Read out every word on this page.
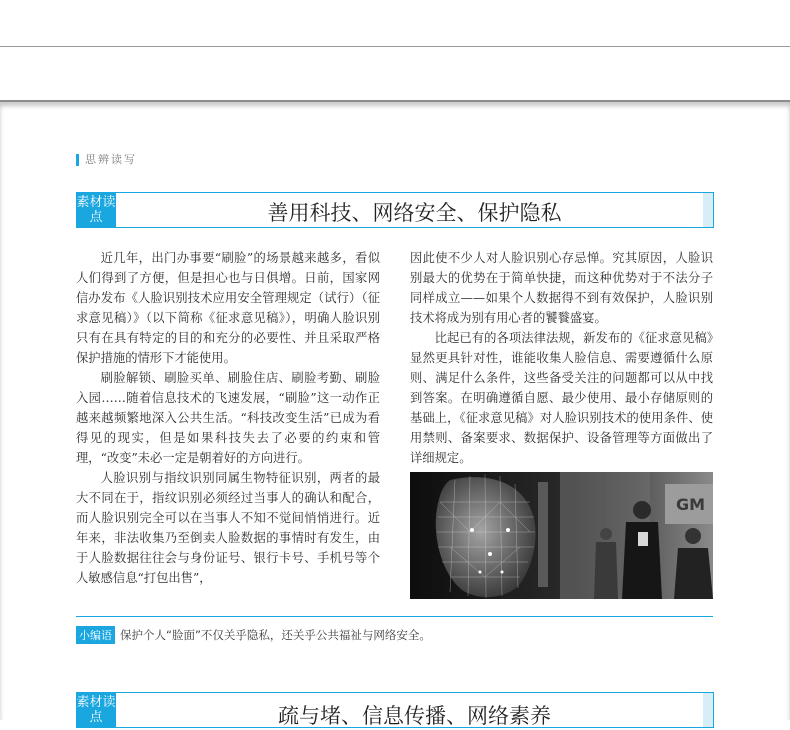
思辨读写
素材读点	善用科技、网络安全、保护隐私

近几年，出门办事要“刷脸”的场景越来越多，看似人们得到了方便，但是担心也与日俱增。日前，国家网信办发布《人脸识别技术应用安全管理规定（试行）（征求意见稿）》（以下简称《征求意见稿》），明确人脸识别只有在具有特定的目的和充分的必要性、并且采取严格保护措施的情形下才能使用。

刷脸解锁、刷脸买单、刷脸住店、刷脸考勤、刷脸入园……随着信息技术的飞速发展，“刷脸”这一动作正越来越频繁地深入公共生活。“科技改变生活”已成为看得见的现实，但是如果科技失去了必要的约束和管理，“改变”未必一定是朝着好的方向进行。

人脸识别与指纹识别同属生物特征识别，两者的最大不同在于，指纹识别必须经过当事人的确认和配合，而人脸识别完全可以在当事人不知不觉间悄悄进行。近年来，非法收集乃至倒卖人脸数据的事情时有发生，由于人脸数据往往会与身份证号、银行卡号、手机号等个人敏感信息“打包出售”，

因此使不少人对人脸识别心存忌惮。究其原因，人脸识别最大的优势在于简单快捷，而这种优势对于不法分子同样成立——如果个人数据得不到有效保护，人脸识别技术将成为别有用心者的饕餮盛宴。

比起已有的各项法律法规，新发布的《征求意见稿》显然更具针对性，谁能收集人脸信息、需要遵循什么原则、满足什么条件，这些备受关注的问题都可以从中找到答案。在明确遵循自愿、最少使用、最小存储原则的基础上，《征求意见稿》对人脸识别技术的使用条件、使用禁则、备案要求、数据保护、设备管理等方面做出了详细规定。

GM
小编语 保护个人“脸面”不仅关乎隐私，还关乎公共福祉与网络安全。
素材读点	疏与堵、信息传播、网络素养
